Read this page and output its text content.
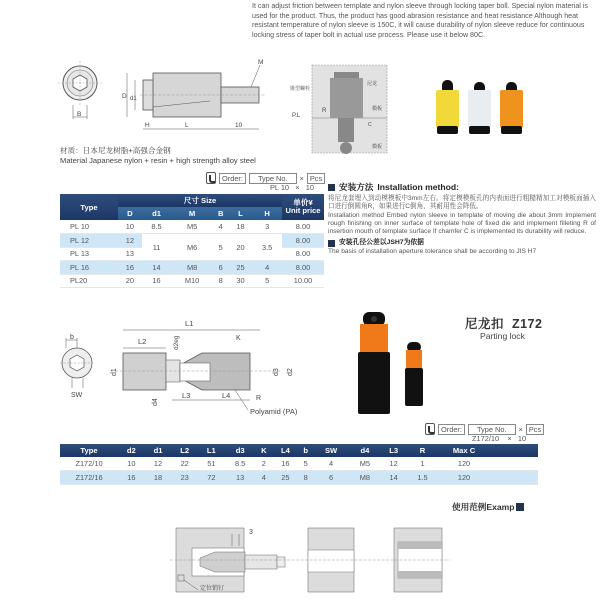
It can adjust friction between template and nylon sleeve through locking taper boll. Special nylon material is used for the product. Thus, the product has good abrasion resistance and heat resistance Although heat resistant temperature of nylon sleeve is 150C, it will cause durability of nylon sleeve reduce for continuous locking stress of taper bolt in actual use process. Please use it below 80C.
B
D d1
H	L	10
M
锥型螺栓
尼龙
模板
模板
P.L
R
C
材质：日本尼龙树脂+高强合金钢
Material Japanese nylon + resin + high strength alloy steel
Order:	Type No.	× Pcs
PL 10 × 10
Type	尺寸 Size						单价¥
Unit price

	D	d1	M	B	L	H	
PL 10	10	8.5	M5	4	18	3	8.00
PL 12	12	11	M6	5	20	3.5	8.00
PL 13	13						8.00
PL 16	16	14	M8	6	25	4	8.00
PL20	20	16	M10	8	30	5	10.00
安装方法 Installation method:

将尼龙套埋入到动模模板中3mm左右。将定模模板孔的内表面进行粗糙精加工对模板面插入口进行倒圆角R，如果进行C倒角，其耐用性会降低。

Installation method Embed nylon sleeve in template of moving die about 3mm Implement rough finishing on inner surface of template hole of fixed die and implement filleting R of insertion mouth of template surface If chamfer C is implemented its durability will reduce.

安装孔径公差以JSH7为依据

The basis of installation aperture tolerance shall be according to JIS H7

b
SW
L1
L2	d2eg	K
d1	d3 d2
d4
L3	L4	R
Polyamid (PA)
尼龙扣 Z172
Parting lock
Order:	Type No.	× Pcs
Z172/10 × 10
Type	d2	d1	L2	L1	d3	K	L4	b	SW	d4	L3	R	Max C	
Z172/10	10	12	22	51	8.5	2	16	5	4	M5	12	1	120	
Z172/16	16	18	23	72	13	4	25	8	6	M8	14	1.5	120	
使用范例Examp
3
定位销钉
